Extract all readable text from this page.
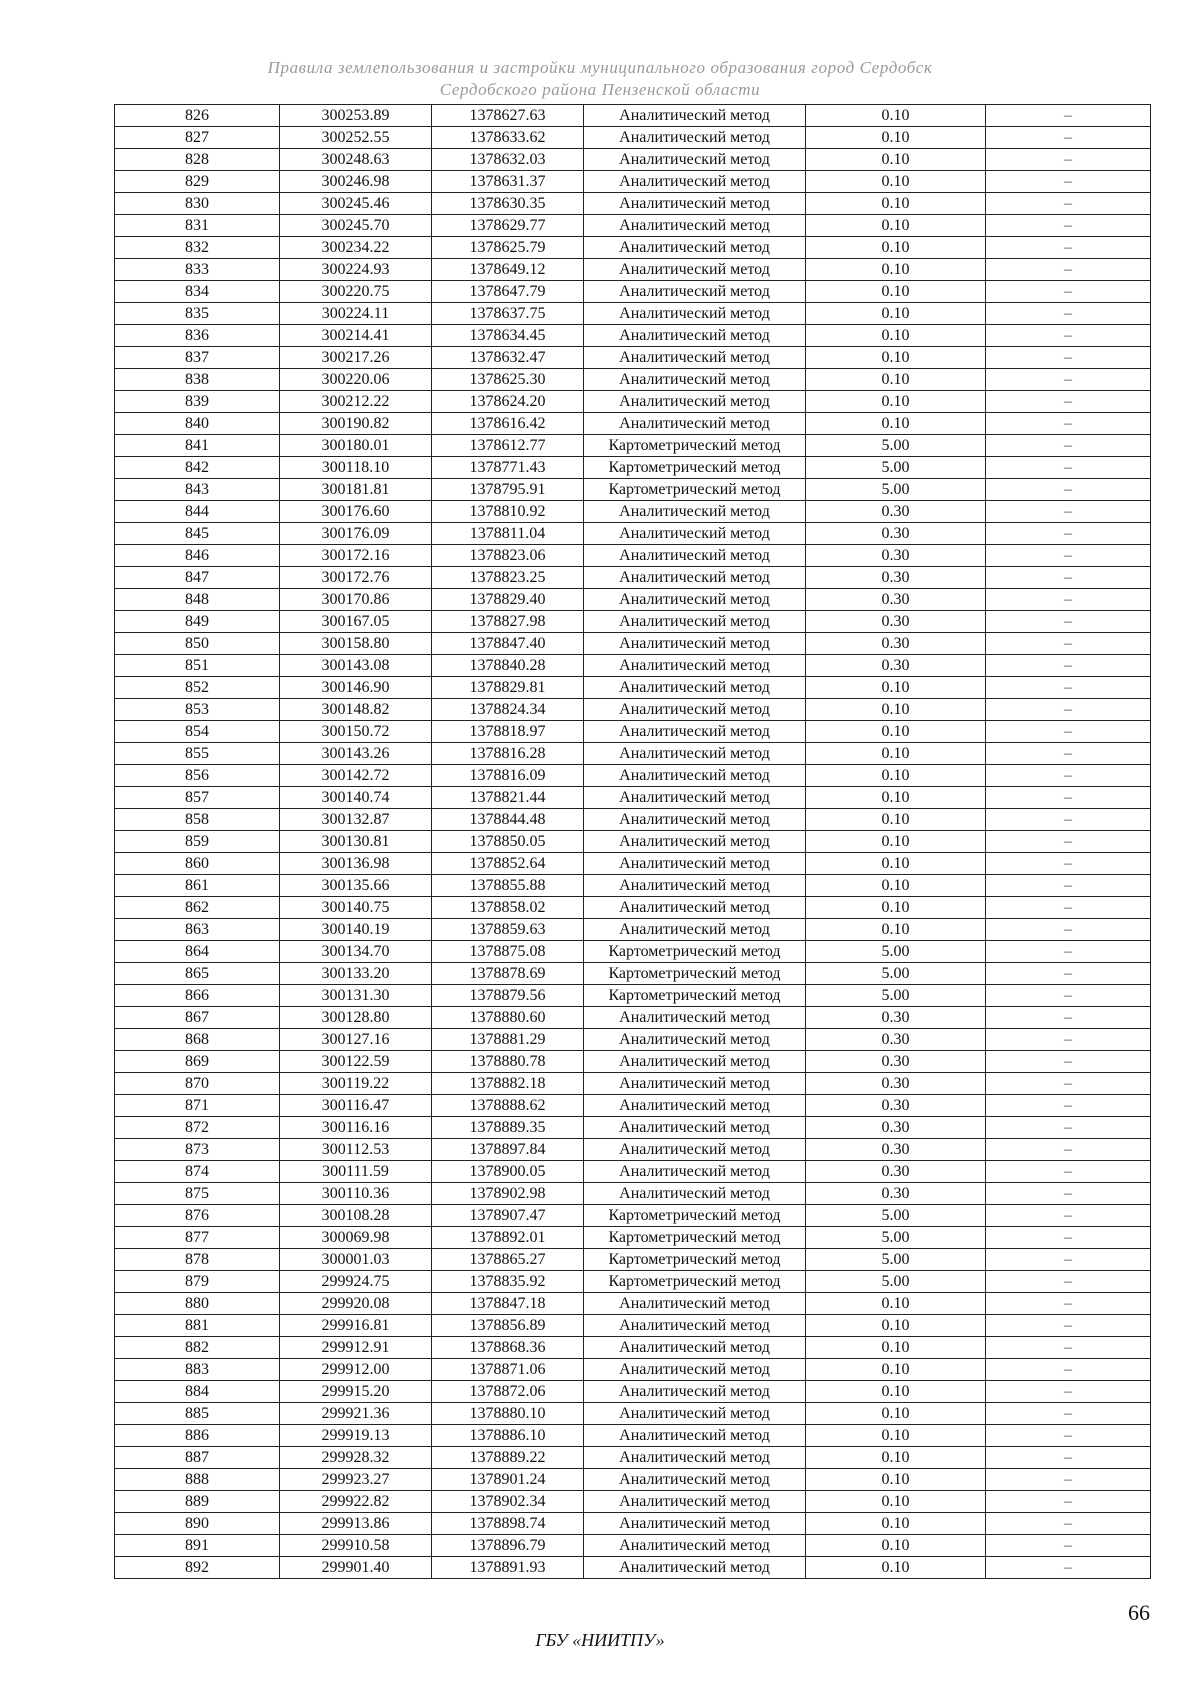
Правила землепользования и застройки муниципального образования город Сердобск
Сердобского района Пензенской области
826	300253.89	1378627.63	Аналитический метод	0.10	–
827	300252.55	1378633.62	Аналитический метод	0.10	–
828	300248.63	1378632.03	Аналитический метод	0.10	–
829	300246.98	1378631.37	Аналитический метод	0.10	–
830	300245.46	1378630.35	Аналитический метод	0.10	–
831	300245.70	1378629.77	Аналитический метод	0.10	–
832	300234.22	1378625.79	Аналитический метод	0.10	–
833	300224.93	1378649.12	Аналитический метод	0.10	–
834	300220.75	1378647.79	Аналитический метод	0.10	–
835	300224.11	1378637.75	Аналитический метод	0.10	–
836	300214.41	1378634.45	Аналитический метод	0.10	–
837	300217.26	1378632.47	Аналитический метод	0.10	–
838	300220.06	1378625.30	Аналитический метод	0.10	–
839	300212.22	1378624.20	Аналитический метод	0.10	–
840	300190.82	1378616.42	Аналитический метод	0.10	–
841	300180.01	1378612.77	Картометрический метод	5.00	–
842	300118.10	1378771.43	Картометрический метод	5.00	–
843	300181.81	1378795.91	Картометрический метод	5.00	–
844	300176.60	1378810.92	Аналитический метод	0.30	–
845	300176.09	1378811.04	Аналитический метод	0.30	–
846	300172.16	1378823.06	Аналитический метод	0.30	–
847	300172.76	1378823.25	Аналитический метод	0.30	–
848	300170.86	1378829.40	Аналитический метод	0.30	–
849	300167.05	1378827.98	Аналитический метод	0.30	–
850	300158.80	1378847.40	Аналитический метод	0.30	–
851	300143.08	1378840.28	Аналитический метод	0.30	–
852	300146.90	1378829.81	Аналитический метод	0.10	–
853	300148.82	1378824.34	Аналитический метод	0.10	–
854	300150.72	1378818.97	Аналитический метод	0.10	–
855	300143.26	1378816.28	Аналитический метод	0.10	–
856	300142.72	1378816.09	Аналитический метод	0.10	–
857	300140.74	1378821.44	Аналитический метод	0.10	–
858	300132.87	1378844.48	Аналитический метод	0.10	–
859	300130.81	1378850.05	Аналитический метод	0.10	–
860	300136.98	1378852.64	Аналитический метод	0.10	–
861	300135.66	1378855.88	Аналитический метод	0.10	–
862	300140.75	1378858.02	Аналитический метод	0.10	–
863	300140.19	1378859.63	Аналитический метод	0.10	–
864	300134.70	1378875.08	Картометрический метод	5.00	–
865	300133.20	1378878.69	Картометрический метод	5.00	–
866	300131.30	1378879.56	Картометрический метод	5.00	–
867	300128.80	1378880.60	Аналитический метод	0.30	–
868	300127.16	1378881.29	Аналитический метод	0.30	–
869	300122.59	1378880.78	Аналитический метод	0.30	–
870	300119.22	1378882.18	Аналитический метод	0.30	–
871	300116.47	1378888.62	Аналитический метод	0.30	–
872	300116.16	1378889.35	Аналитический метод	0.30	–
873	300112.53	1378897.84	Аналитический метод	0.30	–
874	300111.59	1378900.05	Аналитический метод	0.30	–
875	300110.36	1378902.98	Аналитический метод	0.30	–
876	300108.28	1378907.47	Картометрический метод	5.00	–
877	300069.98	1378892.01	Картометрический метод	5.00	–
878	300001.03	1378865.27	Картометрический метод	5.00	–
879	299924.75	1378835.92	Картометрический метод	5.00	–
880	299920.08	1378847.18	Аналитический метод	0.10	–
881	299916.81	1378856.89	Аналитический метод	0.10	–
882	299912.91	1378868.36	Аналитический метод	0.10	–
883	299912.00	1378871.06	Аналитический метод	0.10	–
884	299915.20	1378872.06	Аналитический метод	0.10	–
885	299921.36	1378880.10	Аналитический метод	0.10	–
886	299919.13	1378886.10	Аналитический метод	0.10	–
887	299928.32	1378889.22	Аналитический метод	0.10	–
888	299923.27	1378901.24	Аналитический метод	0.10	–
889	299922.82	1378902.34	Аналитический метод	0.10	–
890	299913.86	1378898.74	Аналитический метод	0.10	–
891	299910.58	1378896.79	Аналитический метод	0.10	–
892	299901.40	1378891.93	Аналитический метод	0.10	–
66
ГБУ «НИИТПУ»
